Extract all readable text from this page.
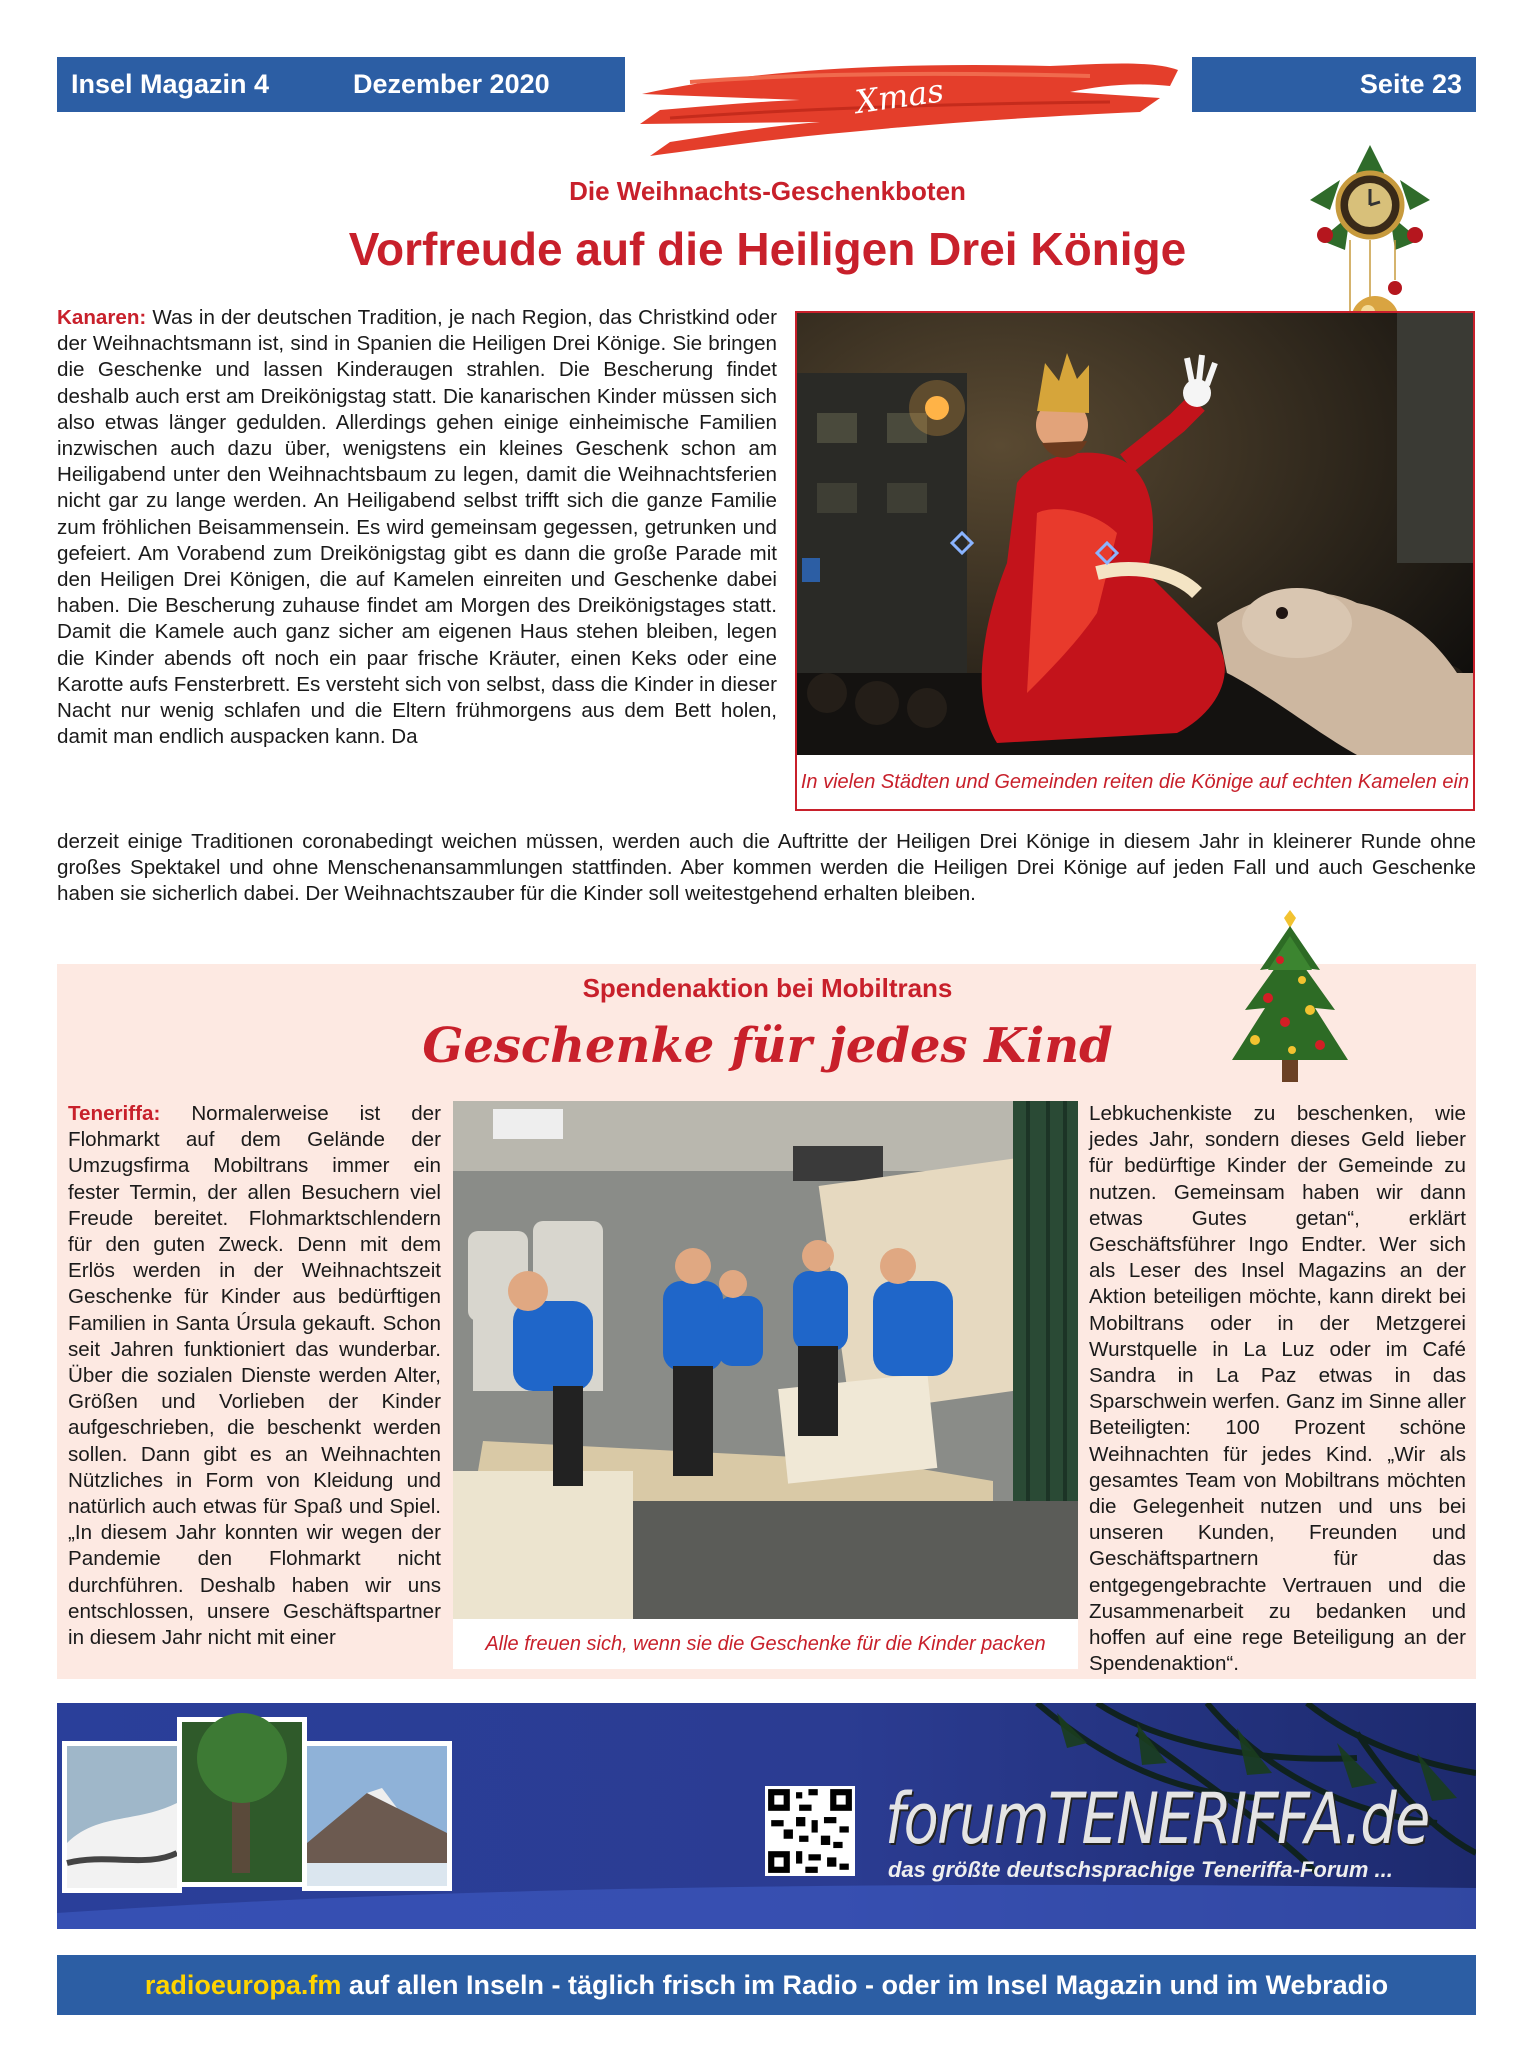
Insel Magazin 4	Dezember 2020	Xmas	Seite 23
Die Weihnachts-Geschenkboten
Vorfreude auf die Heiligen Drei Könige
Kanaren: Was in der deutschen Tradition, je nach Region, das Christkind oder der Weihnachtsmann ist, sind in Spanien die Heiligen Drei Könige. Sie bringen die Geschenke und lassen Kinderaugen strahlen. Die Bescherung findet deshalb auch erst am Dreikönigstag statt. Die kanarischen Kinder müssen sich also etwas länger gedulden. Allerdings gehen einige einheimische Familien inzwischen auch dazu über, wenigstens ein kleines Geschenk schon am Heiligabend unter den Weihnachtsbaum zu legen, damit die Weihnachtsferien nicht gar zu lange werden. An Heiligabend selbst trifft sich die ganze Familie zum fröhlichen Beisammensein. Es wird gemeinsam gegessen, getrunken und gefeiert. Am Vorabend zum Dreikönigstag gibt es dann die große Parade mit den Heiligen Drei Königen, die auf Kamelen einreiten und Geschenke dabei haben. Die Bescherung zuhause findet am Morgen des Dreikönigstages statt. Damit die Kamele auch ganz sicher am eigenen Haus stehen bleiben, legen die Kinder abends oft noch ein paar frische Kräuter, einen Keks oder eine Karotte aufs Fensterbrett. Es versteht sich von selbst, dass die Kinder in dieser Nacht nur wenig schlafen und die Eltern frühmorgens aus dem Bett holen, damit man endlich auspacken kann. Da
In vielen Städten und Gemeinden reiten die Könige auf echten Kamelen ein
derzeit einige Traditionen coronabedingt weichen müssen, werden auch die Auftritte der Heiligen Drei Könige in diesem Jahr in kleinerer Runde ohne großes Spektakel und ohne Menschenansammlungen stattfinden. Aber kommen werden die Heiligen Drei Könige auf jeden Fall und auch Geschenke haben sie sicherlich dabei. Der Weihnachtszauber für die Kinder soll weitestgehend erhalten bleiben.
Spendenaktion bei Mobiltrans
Geschenke für jedes Kind
Teneriffa: Normalerweise ist der Flohmarkt auf dem Gelände der Umzugsfirma Mobiltrans immer ein fester Termin, der allen Besuchern viel Freude bereitet. Flohmarktschlendern für den guten Zweck. Denn mit dem Erlös werden in der Weihnachtszeit Geschenke für Kinder aus bedürftigen Familien in Santa Úrsula gekauft. Schon seit Jahren funktioniert das wunderbar. Über die sozialen Dienste werden Alter, Größen und Vorlieben der Kinder aufgeschrieben, die beschenkt werden sollen. Dann gibt es an Weihnachten Nützliches in Form von Kleidung und natürlich auch etwas für Spaß und Spiel. „In diesem Jahr konnten wir wegen der Pandemie den Flohmarkt nicht durchführen. Deshalb haben wir uns entschlossen, unsere Geschäftspartner in diesem Jahr nicht mit einer	Alle freuen sich, wenn sie die Geschenke für die Kinder packen
Lebkuchenkiste zu beschenken, wie jedes Jahr, sondern dieses Geld lieber für bedürftige Kinder der Gemeinde zu nutzen. Gemeinsam haben wir dann etwas Gutes getan“, erklärt Geschäftsführer Ingo Endter. Wer sich als Leser des Insel Magazins an der Aktion beteiligen möchte, kann direkt bei Mobiltrans oder in der Metzgerei Wurstquelle in La Luz oder im Café Sandra in La Paz etwas in das Sparschwein werfen. Ganz im Sinne aller Beteiligten: 100 Prozent schöne Weihnachten für jedes Kind. „Wir als gesamtes Team von Mobiltrans möchten die Gelegenheit nutzen und uns bei unseren Kunden, Freunden und Geschäftspartnern für das entgegengebrachte Vertrauen und die Zusammenarbeit zu bedanken und hoffen auf eine rege Beteiligung an der Spendenaktion“.
forumTENERIFFA.de
das größte deutschsprachige Teneriffa-Forum ...
radioeuropa.fm auf allen Inseln - täglich frisch im Radio - oder im Insel Magazin und im Webradio
